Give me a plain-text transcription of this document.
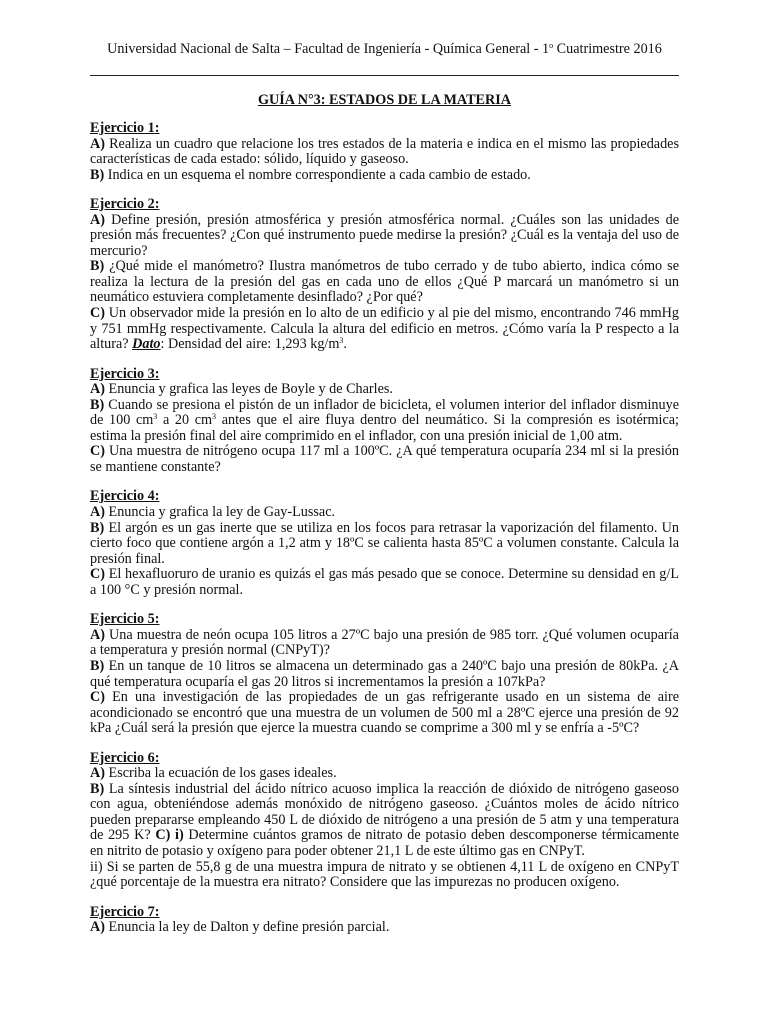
Universidad Nacional de Salta – Facultad de Ingeniería - Química General - 1$^o$ Cuatrimestre 2016
GUÍA N°3: ESTADOS DE LA MATERIA
Ejercicio 1:
A) Realiza un cuadro que relacione los tres estados de la materia e indica en el mismo las propiedades características de cada estado: sólido, líquido y gaseoso.
B) Indica en un esquema el nombre correspondiente a cada cambio de estado.
Ejercicio 2:
A) Define presión, presión atmosférica y presión atmosférica normal. ¿Cuáles son las unidades de presión más frecuentes? ¿Con qué instrumento puede medirse la presión? ¿Cuál es la ventaja del uso de mercurio?
B) ¿Qué mide el manómetro? Ilustra manómetros de tubo cerrado y de tubo abierto, indica cómo se realiza la lectura de la presión del gas en cada uno de ellos ¿Qué P marcará un manómetro si un neumático estuviera completamente desinflado? ¿Por qué?
C) Un observador mide la presión en lo alto de un edificio y al pie del mismo, encontrando 746 mmHg y 751 mmHg respectivamente. Calcula la altura del edificio en metros. ¿Cómo varía la P respecto a la altura? Dato: Densidad del aire: 1,293 $kg/m^3$.
Ejercicio 3:
A) Enuncia y grafica las leyes de Boyle y de Charles.
B) Cuando se presiona el pistón de un inflador de bicicleta, el volumen interior del inflador disminuye de 100 $cm^3$ a 20 $cm^3$ antes que el aire fluya dentro del neumático. Si la compresión es isotérmica; estima la presión final del aire comprimido en el inflador, con una presión inicial de 1,00 atm.
C) Una muestra de nitrógeno ocupa 117 ml a 100ºC. ¿A qué temperatura ocuparía 234 ml si la presión se mantiene constante?
Ejercicio 4:
A) Enuncia y grafica la ley de Gay-Lussac.
B) El argón es un gas inerte que se utiliza en los focos para retrasar la vaporización del filamento. Un cierto foco que contiene argón a 1,2 atm y 18ºC se calienta hasta 85ºC a volumen constante. Calcula la presión final.
C) El hexafluoruro de uranio es quizás el gas más pesado que se conoce. Determine su densidad en g/L a 100 °C y presión normal.
Ejercicio 5:
A) Una muestra de neón ocupa 105 litros a 27ºC bajo una presión de 985 torr. ¿Qué volumen ocuparía a temperatura y presión normal (CNPyT)?
B) En un tanque de 10 litros se almacena un determinado gas a 240ºC bajo una presión de 80kPa. ¿A qué temperatura ocuparía el gas 20 litros si incrementamos la presión a 107kPa?
C) En una investigación de las propiedades de un gas refrigerante usado en un sistema de aire acondicionado se encontró que una muestra de un volumen de 500 ml a 28ºC ejerce una presión de 92 kPa ¿Cuál será la presión que ejerce la muestra cuando se comprime a 300 ml y se enfría a -5ºC?
Ejercicio 6:
A) Escriba la ecuación de los gases ideales.
B) La síntesis industrial del ácido nítrico acuoso implica la reacción de dióxido de nitrógeno gaseoso con agua, obteniéndose además monóxido de nitrógeno gaseoso. ¿Cuántos moles de ácido nítrico pueden prepararse empleando 450 L de dióxido de nitrógeno a una presión de 5 atm y una temperatura de 295 K? C) i) Determine cuántos gramos de nitrato de potasio deben descomponerse térmicamente en nitrito de potasio y oxígeno para poder obtener 21,1 L de este último gas en CNPyT.
ii) Si se parten de 55,8 g de una muestra impura de nitrato y se obtienen 4,11 L de oxígeno en CNPyT ¿qué porcentaje de la muestra era nitrato? Considere que las impurezas no producen oxígeno.
Ejercicio 7:
A) Enuncia la ley de Dalton y define presión parcial.
